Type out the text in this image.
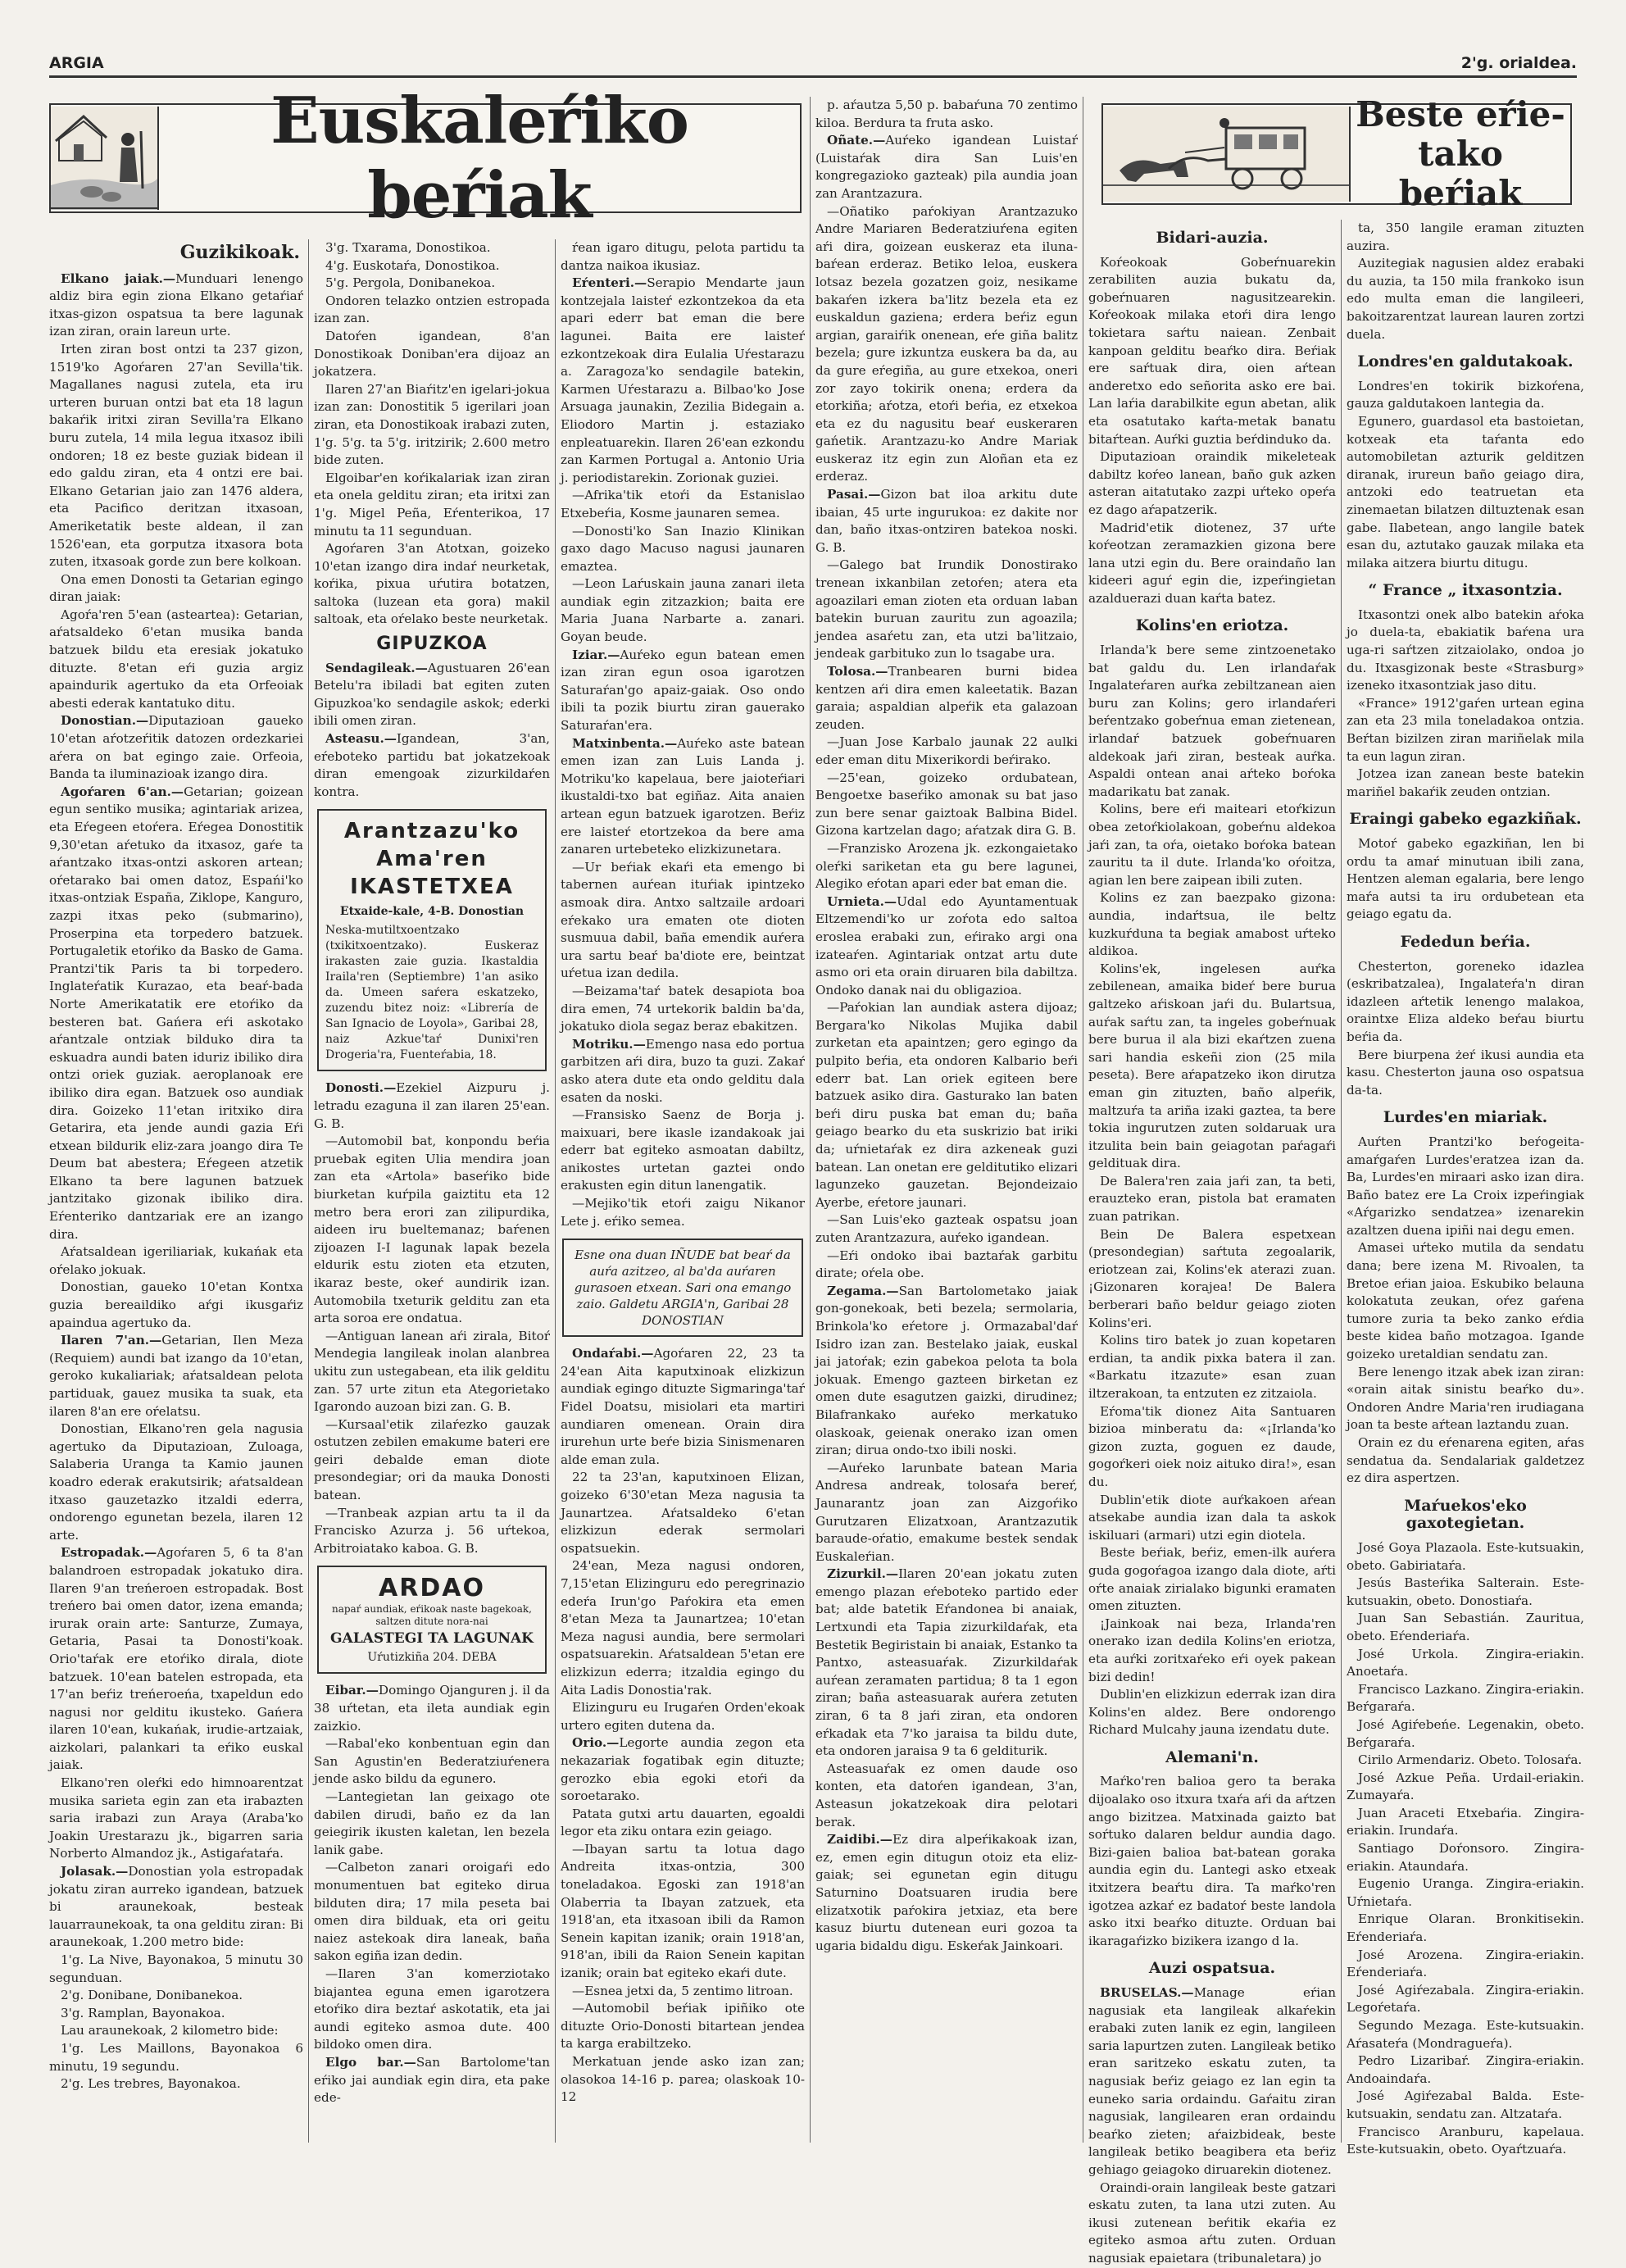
ARGIA	2'g. orialdea.
Euskaleŕiko beŕiak
Beste eŕie-tako beŕiak
Guzikikoak.

Elkano jaiak.—Munduari lenengo aldiz bira egin ziona Elkano getaŕiaŕ itxas-gizon ospatsua ta bere lagunak izan ziran, orain lareun urte.

Irten ziran bost ontzi ta 237 gizon, 1519'ko Agoŕaren 27'an Sevilla'tik. Magallanes nagusi zutela, eta iru urteren buruan ontzi bat eta 18 lagun bakaŕik iritxi ziran Sevilla'ra Elkano buru zutela, 14 mila legua itxasoz ibili ondoren; 18 ez beste guziak bidean il edo galdu ziran, eta 4 ontzi ere bai. Elkano Getarian jaio zan 1476 aldera, eta Pacifico deritzan itxasoan, Ameriketatik beste aldean, il zan 1526'ean, eta gorputza itxasora bota zuten, itxasoak gorde zun bere kolkoan.

Ona emen Donosti ta Getarian egingo diran jaiak:

Agoŕa'ren 5'ean (asteartea): Getarian, aŕatsaldeko 6'etan musika banda batzuek bildu eta eresiak jokatuko dituzte. 8'etan eŕi guzia argiz apaindurik agertuko da eta Orfeoiak abesti ederak kantatuko ditu.

Donostian.—Diputazioan gaueko 10'etan aŕotzeŕitik datozen ordezkariei aŕera on bat egingo zaie. Orfeoia, Banda ta iluminazioak izango dira.

Agoŕaren 6'an.—Getarian; goizean egun sentiko musika; agintariak arizea, eta Eŕegeen etoŕera. Eŕegea Donostitik 9,30'etan aŕetuko da itxasoz, gaŕe ta aŕantzako itxas-ontzi askoren artean; oŕetarako bai omen datoz, Espańi'ko itxas-ontziak España, Ziklope, Kanguro, zazpi itxas peko (submarino), Proserpina eta torpedero batzuek. Portugaletik etoŕiko da Basko de Gama. Prantzi'tik Paris ta bi torpedero. Inglateŕatik Kurazao, eta beaŕ-bada Norte Amerikatatik ere etoŕiko da besteren bat. Gańera eŕi askotako aŕantzale ontziak bilduko dira ta eskuadra aundi baten iduriz ibiliko dira ontzi oriek guziak. aeroplanoak ere ibiliko dira egan. Batzuek oso aundiak dira. Goizeko 11'etan iritxiko dira Getarira, eta jende aundi gazia Eŕi etxean bildurik eliz-zara joango dira Te Deum bat abestera; Eŕegeen atzetik Elkano ta bere lagunen batzuek jantzitako gizonak ibiliko dira. Eŕenteriko dantzariak ere an izango dira.

Aŕatsaldean igeriliariak, kukańak eta oŕelako jokuak.

Donostian, gaueko 10'etan Kontxa guzia bereaildiko aŕgi ikusgaŕiz apaindua agertuko da.

Ilaren 7'an.—Getarian, Ilen Meza (Requiem) aundi bat izango da 10'etan, geroko kukaliariak; aŕatsaldean pelota partiduak, gauez musika ta suak, eta ilaren 8'an ere oŕelatsu.

Donostian, Elkano'ren gela nagusia agertuko da Diputazioan, Zuloaga, Salaberia Uranga ta Kamio jaunen koadro ederak erakutsirik; aŕatsaldean itxaso gauzetazko itzaldi ederra, ondorengo egunetan bezela, ilaren 12 arte.

Estropadak.—Agoŕaren 5, 6 ta 8'an balandroen estropadak jokatuko dira. Ilaren 9'an treńeroen estropadak. Bost treńero bai omen dator, izena emanda; irurak orain arte: Santurze, Zumaya, Getaria, Pasai ta Donosti'koak. Orio'taŕak ere etoŕiko dirala, diote batzuek. 10'ean batelen estropada, eta 17'an beŕiz treńeroeńa, txapeldun edo nagusi nor gelditu ikusteko. Gańera ilaren 10'ean, kukańak, irudie-artzaiak, aizkolari, palankari ta eŕiko euskal jaiak.

Elkano'ren oleŕki edo himnoarentzat musika sarieta egin zan eta irabazten saria irabazi zun Araya (Araba'ko Joakin Urestarazu jk., bigarren saria Norberto Almandoz jk., Astigaŕataŕa.

Jolasak.—Donostian yola estropadak jokatu ziran aurreko igandean, batzuek bi araunekoak, besteak lauarraunekoak, ta ona gelditu ziran: Bi araunekoak, 1.200 metro bide:

1'g. La Nive, Bayonakoa, 5 minutu 30 segunduan.

2'g. Donibane, Donibanekoa.

3'g. Ramplan, Bayonakoa.

Lau araunekoak, 2 kilometro bide:

1'g. Les Maillons, Bayonakoa 6 minutu, 19 segundu.

2'g. Les trebres, Bayonakoa.

3'g. Txarama, Donostikoa.

4'g. Euskotaŕa, Donostikoa.

5'g. Pergola, Donibanekoa.

Ondoren telazko ontzien estropada izan zan.

Datoŕen igandean, 8'an Donostikoak Doniban'era dijoaz an jokatzera.

Ilaren 27'an Biaŕitz'en igelari-jokua izan zan: Donostitik 5 igerilari joan ziran, eta Donostikoak irabazi zuten, 1'g. 5'g. ta 5'g. iritzirik; 2.600 metro bide zuten.

Elgoibar'en koŕikalariak izan ziran eta onela gelditu ziran; eta iritxi zan 1'g. Migel Peña, Eŕenterikoa, 17 minutu ta 11 segunduan.

Agoŕaren 3'an Atotxan, goizeko 10'etan izango dira indaŕ neurketak, koŕika, pixua uŕutira botatzen, saltoka (luzean eta gora) makil saltoak, eta oŕelako beste neurketak.

GIPUZKOA

Sendagileak.—Agustuaren 26'ean Betelu'ra ibiladi bat egiten zuten Gipuzkoa'ko sendagile askok; ederki ibili omen ziran.

Asteasu.—Igandean, 3'an, eŕeboteko partidu bat jokatzekoak diran emengoak zizurkildaŕen kontra.

Arantzazu'ko Ama'ren IKASTETXEA
Etxaide-kale, 4-B. Donostian
Neska-mutiltxoentzako (txikitxoentzako). Euskeraz irakasten zaie guzia. Ikastaldia Iraila'ren (Septiembre) 1'an asiko da. Umeen saŕera eskatzeko, zuzendu bitez noiz: «Librería de San Ignacio de Loyola», Garibai 28, naiz Azkue'taŕ Dunixi'ren Drogeria'ra, Fuenteŕabia, 18.

Donosti.—Ezekiel Aizpuru j. letradu ezaguna il zan ilaren 25'ean. G. B.

—Automobil bat, konpondu beŕia pruebak egiten Ulia mendira joan zan eta «Artola» baseŕiko bide biurketan kuŕpila gaiztitu eta 12 metro bera erori zan zilipurdika, aideen iru bueltemanaz; baŕenen zijoazen I-I lagunak lapak bezela eldurik estu zioten eta etzuten, ikaraz beste, okeŕ aundirik izan. Automobila txeturik gelditu zan eta arta soroa ere ondatua.

—Antiguan lanean aŕi zirala, Bitoŕ Mendegia langileak inolan alanbrea ukitu zun ustegabean, eta ilik gelditu zan. 57 urte zitun eta Ategorietako Igarondo auzoan bizi zan. G. B.

—Kursaal'etik zilaŕezko gauzak ostutzen zebilen emakume bateri ere geiri debalde eman diote presondegiar; ori da mauka Donosti batean.

—Tranbeak azpian artu ta il da Francisko Azurza j. 56 uŕtekoa, Arbitroiatako kaboa. G. B.

ARDAO
napaŕ aundiak, eŕikoak naste bagekoak, saltzen ditute nora-nai
GALASTEGI TA LAGUNAK
Uŕutizkiña 204. DEBA

Eibar.—Domingo Ojanguren j. il da 38 uŕtetan, eta ileta aundiak egin zaizkio.

—Rabal'eko konbentuan egin dan San Agustin'en Bederatziuŕenera jende asko bildu da egunero.

—Lantegietan lan geixago ote dabilen dirudi, baño ez da lan geiegirik ikusten kaletan, len bezela lanik gabe.

—Calbeton zanari oroigaŕi edo monumentuen bat egiteko dirua bilduten dira; 17 mila peseta bai omen dira bilduak, eta ori geitu naiez astekoak dira laneak, baña sakon egiña izan dedin.

—Ilaren 3'an komerziotako biajantea eguna emen igarotzera etoŕiko dira beztaŕ askotatik, eta jai aundi egiteko asmoa dute. 400 bildoko omen dira.

Elgo bar.—San Bartolome'tan eŕiko jai aundiak egin dira, eta pake ede-

ŕean igaro ditugu, pelota partidu ta dantza naikoa ikusiaz.

Eŕenteri.—Serapio Mendarte jaun kontzejala laisteŕ ezkontzekoa da eta apari ederr bat eman die bere lagunei. Baita ere laisteŕ ezkontzekoak dira Eulalia Uŕestarazu a. Zaragoza'ko sendagile batekin, Karmen Uŕestarazu a. Bilbao'ko Jose Arsuaga jaunakin, Zezilia Bidegain a. Eliodoro Martin j. estaziako enpleatuarekin. Ilaren 26'ean ezkondu zan Karmen Portugal a. Antonio Uria j. periodistarekin. Zorionak guziei.

—Afrika'tik etoŕi da Estanislao Etxebeŕia, Kosme jaunaren semea.

—Donosti'ko San Inazio Klinikan gaxo dago Macuso nagusi jaunaren emaztea.

—Leon Laŕuskain jauna zanari ileta aundiak egin zitzazkion; baita ere Maria Juana Narbarte a. zanari. Goyan beude.

Iziar.—Auŕeko egun batean emen izan ziran egun osoa igarotzen Saturaŕan'go apaiz-gaiak. Oso ondo ibili ta pozik biurtu ziran gauerako Saturaŕan'era.

Matxinbenta.—Auŕeko aste batean emen izan zan Luis Landa j. Motriku'ko kapelaua, bere jaioteŕiari ikustaldi-txo bat egiñaz. Aita anaien artean egun batzuek igarotzen. Beŕiz ere laisteŕ etortzekoa da bere ama zanaren urtebeteko elizkizunetara.

—Ur beŕiak ekaŕi eta emengo bi tabernen auŕean ituŕiak ipintzeko asmoak dira. Antxo saltzaile ardoari eŕekako ura ematen ote dioten susmuua dabil, baña emendik auŕera ura sartu beaŕ ba'diote ere, beintzat uŕetua izan dedila.

—Beizama'taŕ batek desapiota boa dira emen, 74 urtekorik baldin ba'da, jokatuko diola segaz beraz ebakitzen.

Motriku.—Emengo nasa edo portua garbitzen aŕi dira, buzo ta guzi. Zakaŕ asko atera dute eta ondo gelditu dala esaten da noski.

—Fransisko Saenz de Borja j. maixuari, bere ikasle izandakoak jai ederr bat egiteko asmoatan dabiltz, anikostes urtetan gaztei ondo erakusten egin ditun lanengatik.

—Mejiko'tik etoŕi zaigu Nikanor Lete j. eŕiko semea.

Esne ona duan IÑUDE bat beaŕ da auŕa azitzeo, al ba'da auŕaren gurasoen etxean. Sari ona emango zaio. Galdetu ARGIA'n, Garibai 28 DONOSTIAN

Ondaŕabi.—Agoŕaren 22, 23 ta 24'ean Aita kaputxinoak elizkizun aundiak egingo dituzte Sigmaringa'taŕ Fidel Doatsu, misiolari eta martiri aundiaren omenean. Orain dira irurehun urte beŕe bizia Sinismenaren alde eman zula.

22 ta 23'an, kaputxinoen Elizan, goizeko 6'30'etan Meza nagusia ta Jaunartzea. Aŕatsaldeko 6'etan elizkizun ederak sermolari ospatsuekin.

24'ean, Meza nagusi ondoren, 7,15'etan Elizinguru edo peregrinazio edeŕa Irun'go Paŕokira eta emen 8'etan Meza ta Jaunartzea; 10'etan Meza nagusi aundia, bere sermolari ospatsuarekin. Aŕatsaldean 5'etan ere elizkizun ederra; itzaldia egingo du Aita Ladis Donostia'rak.

Elizinguru eu Irugaŕen Orden'ekoak urtero egiten dutena da.

Orio.—Legorte aundia zegon eta nekazariak fogatibak egin dituzte; gerozko ebia egoki etoŕi da soroetarako.

Patata gutxi artu dauarten, egoaldi legor eta ziku ontara ezin geiago.

—Ibayan sartu ta lotua dago Andreita itxas-ontzia, 300 toneladakoa. Egoski zan 1918'an Olaberria ta Ibayan zatzuek, eta 1918'an, eta itxasoan ibili da Ramon Senein kapitan izanik; orain 1918'an, 918'an, ibili da Raion Senein kapitan izanik; orain bat egiteko ekaŕi dute.

—Esnea jetxi da, 5 zentimo litroan.

—Automobil beŕiak ipiñiko ote dituzte Orio-Donosti bitartean jendea ta karga erabiltzeko.

Merkatuan jende asko izan zan; olasokoa 14-16 p. parea; olaskoak 10-12

p. aŕautza 5,50 p. babaŕuna 70 zentimo kiloa. Berdura ta fruta asko.

Oñate.—Auŕeko igandean Luistaŕ (Luistaŕak dira San Luis'en kongregazioko gazteak) pila aundia joan zan Arantzazura.

—Oñatiko paŕokiyan Arantzazuko Andre Mariaren Bederatziuŕena egiten aŕi dira, goizean euskeraz eta iluna-baŕean erderaz. Betiko leloa, euskera lotsaz bezela gozatzen goiz, nesikame bakaŕen izkera ba'litz bezela eta ez euskaldun gaziena; erdera beŕiz egun argian, garaiŕik onenean, eŕe giña balitz bezela; gure izkuntza euskera ba da, au da gure eŕegiña, au gure etxekoa, oneri zor zayo tokirik onena; erdera da etorkiña; aŕotza, etoŕi beŕia, ez etxekoa eta ez du nagusitu beaŕ euskeraren gańetik. Arantzazu-ko Andre Mariak euskeraz itz egin zun Aloñan eta ez erderaz.

Pasai.—Gizon bat iloa arkitu dute ibaian, 45 urte ingurukoa: ez dakite nor dan, baño itxas-ontziren batekoa noski. G. B.

—Galego bat Irundik Donostirako trenean ixkanbilan zetoŕen; atera eta agoazilari eman zioten eta orduan laban batekin buruan zauritu zun agoazila; jendea asaŕetu zan, eta utzi ba'litzaio, jendeak garbituko zun lo tsagabe ura.

Tolosa.—Tranbearen burni bidea kentzen aŕi dira emen kaleetatik. Bazan garaia; aspaldian alpeŕik eta galazoan zeuden.

—Juan Jose Karbalo jaunak 22 aulki eder eman ditu Mixerikordi beŕirako.

—25'ean, goizeko ordubatean, Bengoetxe baseŕiko amonak su bat jaso zun bere senar gaiztoak Balbina Bidel. Gizona kartzelan dago; aŕatzak dira G. B.

—Franzisko Arozena jk. ezkongaietako oleŕki sariketan eta gu bere lagunei, Alegiko eŕotan apari eder bat eman die.

Urnieta.—Udal edo Ayuntamentuak Eltzemendi'ko ur zoŕota edo saltoa eroslea erabaki zun, eŕirako argi ona izateaŕen. Agintariak ontzat artu dute asmo ori eta orain diruaren bila dabiltza. Ondoko danak nai du obligazioa.

—Paŕokian lan aundiak astera dijoaz; Bergara'ko Nikolas Mujika dabil zurketan eta apaintzen; gero egingo da pulpito beŕia, eta ondoren Kalbario beŕi ederr bat. Lan oriek egiteen bere batzuek asiko dira. Gasturako lan baten beŕi diru puska bat eman du; baña geiago bearko du eta suskrizio bat iriki da; uŕnietaŕak ez dira azkeneak guzi batean. Lan onetan ere gelditutiko elizari lagunzeko gauzetan. Bejondeizaio Ayerbe, eŕetore jaunari.

—San Luis'eko gazteak ospatsu joan zuten Arantzazura, auŕeko igandean.

—Eŕi ondoko ibai baztaŕak garbitu dirate; oŕela obe.

Zegama.—San Bartolometako jaiak gon-gonekoak, beti bezela; sermolaria, Brinkola'ko eŕetore j. Ormazabal'daŕ Isidro izan zan. Bestelako jaiak, euskal jai jatoŕak; ezin gabekoa pelota ta bola jokuak. Emengo gazteen birketan ez omen dute esagutzen gaizki, dirudinez; Bilafrankako auŕeko merkatuko olaskoak, geienak onerako izan omen ziran; dirua ondo-txo ibili noski.

—Auŕeko larunbate batean Maria Andresa andreak, tolosaŕa bereŕ, Jaunarantz joan zan Aizgoŕiko Gurutzaren Elizatxoan, Arantzazutik baraude-oŕatio, emakume bestek sendak Euskaleŕian.

Zizurkil.—Ilaren 20'ean jokatu zuten emengo plazan eŕeboteko partido eder bat; alde batetik Eŕandonea bi anaiak, Lertxundi eta Tapia zizurkildaŕak, eta Bestetik Begiristain bi anaiak, Estanko ta Pantxo, asteasuaŕak. Zizurkildaŕak auŕean zeramaten partidua; 8 ta 1 egon ziran; baña asteasuarak auŕera zetuten ziran, 6 ta 8 jaŕi ziran, eta ondoren eŕkadak eta 7'ko jaraisa ta bildu dute, eta ondoren jaraisa 9 ta 6 gelditurik.

Asteasuaŕak ez omen daude oso konten, eta datoŕen igandean, 3'an, Asteasun jokatzekoak dira pelotari berak.

Zaidibi.—Ez dira alpeŕikakoak izan, ez, emen egin ditugun otoiz eta eliz-gaiak; sei egunetan egin ditugu Saturnino Doatsuaren irudia bere elizatxotik paŕokira jetxiaz, eta bere kasuz biurtu dutenean euri gozoa ta ugaria bidaldu digu. Eskeŕak Jainkoari.

Bidari-auzia.

Koŕeokoak Gobeŕnuarekin zerabiliten auzia bukatu da, gobeŕnuaren nagusitzearekin. Koŕeokoak milaka etoŕi dira lengo tokietara saŕtu naiean. Zenbait kanpoan gelditu beaŕko dira. Beŕiak ere saŕtuak dira, oien aŕtean anderetxo edo señorita asko ere bai. Lan laŕia darabilkite egun abetan, alik eta osatutako kaŕta-metak banatu bitaŕtean. Auŕki guztia beŕdinduko da.

Diputazioan oraindik mikeleteak dabiltz koŕeo lanean, baño guk azken asteran aitatutako zazpi uŕteko opeŕa ez dago aŕapatzerik.

Madrid'etik diotenez, 37 uŕte koŕeotzan zeramazkien gizona bere lana utzi egin du. Bere oraindaño lan kideeri aguŕ egin die, izpeŕingietan azalduerazi duan kaŕta batez.

Kolins'en eriotza.

Irlanda'k bere seme zintzoenetako bat galdu du. Len irlandaŕak Ingalateŕaren auŕka zebiltzanean aien buru zan Kolins; gero irlandaŕeri beŕentzako gobeŕnua eman zietenean, irlandaŕ batzuek gobeŕnuaren aldekoak jaŕi ziran, besteak auŕka. Aspaldi ontean anai aŕteko boŕoka madarikatu bat zanak.

Kolins, bere eŕi maiteari etoŕkizun obea zetoŕkiolakoan, gobeŕnu aldekoa jaŕi zan, ta oŕa, oietako boŕoka batean zauritu ta il dute. Irlanda'ko oŕoitza, agian len bere zaipean ibili zuten.

Kolins ez zan baezpako gizona: aundia, indaŕtsua, ile beltz kuzkuŕduna ta begiak amabost uŕteko aldikoa.

Kolins'ek, ingelesen auŕka zebilenean, amaika bideŕ bere burua galtzeko aŕiskoan jaŕi du. Bulartsua, auŕak saŕtu zan, ta ingeles gobeŕnuak bere burua il ala bizi ekaŕtzen zuena sari handia eskeñi zion (25 mila peseta). Bere aŕapatzeko ikon dirutza eman gin zituzten, baño alpeŕik, maltzuŕa ta ariña izaki gaztea, ta bere tokia ingurutzen zuten soldaruak ura itzulita bein bain geiagotan paŕagaŕi geldituak dira.

De Balera'ren zaia jaŕi zan, ta beti, erauzteko eran, pistola bat eramaten zuan patrikan.

Bein De Balera espetxean (presondegian) saŕtuta zegoalarik, eriotzean zai, Kolins'ek aterazi zuan. ¡Gizonaren korajea! De Balera berberari baño beldur geiago zioten Kolins'eri.

Kolins tiro batek jo zuan kopetaren erdian, ta andik pixka batera il zan. «Barkatu itzazute» esan zuan iltzerakoan, ta entzuten ez zitzaiola.

Eŕoma'tik dionez Aita Santuaren bizioa minberatu da: «¡Irlanda'ko gizon zuzta, goguen ez daude, gogoŕkeri oiek noiz aituko dira!», esan du.

Dublin'etik diote auŕkakoen aŕean atsekabe aundia izan dala ta askok iskiluari (armari) utzi egin diotela.

Beste beŕiak, beŕiz, emen-ilk auŕera guda gogoŕagoa izango dala diote, aŕti oŕte anaiak zirialako bigunki eramaten omen zituzten.

¡Jainkoak nai beza, Irlanda'ren onerako izan dedila Kolins'en eriotza, eta auŕki zoritxaŕeko eŕi oyek pakean bizi dedin!

Dublin'en elizkizun ederrak izan dira Kolins'en aldez. Bere ondorengo Richard Mulcahy jauna izendatu dute.

Alemani'n.

Maŕko'ren balioa gero ta beraka dijoalako oso itxura txaŕa aŕi da aŕtzen ango bizitzea. Matxinada gaizto bat soŕtuko dalaren beldur aundia dago. Bizi-gaien balioa bat-batean goraka aundia egin du. Lantegi asko etxeak itxitzera beaŕtu dira. Ta maŕko'ren igotzea azkaŕ ez badatoŕ beste landola asko itxi beaŕko dituzte. Orduan bai ikaragaŕizko bizikera izango d la.

Auzi ospatsua.

BRUSELAS.—Manage eŕian nagusiak eta langileak alkaŕekin erabaki zuten lanik ez egin, langileen saria lapurtzen zuten. Langileak betiko eran saritzeko eskatu zuten, ta nagusiak beŕiz geiago ez lan egin ta euneko saria ordaindu. Gaŕaitu ziran nagusiak, langilearen eran ordaindu beaŕko zieten; aŕaizbideak, beste langileak betiko beagibera eta beŕiz gehiago geiagoko diruarekin diotenez.

Oraindi-orain langileak beste gatzari eskatu zuten, ta lana utzi zuten. Au ikusi zutenean beŕitik ekaŕia ez egiteko asmoa aŕtu zuten. Orduan nagusiak epaietara (tribunaletara) jo

ta, 350 langile eraman zituzten auzira.

Auzitegiak nagusien aldez erabaki du auzia, ta 150 mila frankoko isun edo multa eman die langileeri, bakoitzarentzat laurean lauren zortzi duela.

Londres'en galdutakoak.

Londres'en tokirik bizkoŕena, gauza galdutakoen lantegia da.

Egunero, guardasol eta bastoietan, kotxeak eta taŕanta edo automobiletan azturik gelditzen diranak, irureun baño geiago dira, antzoki edo teatruetan eta zinemaetan bilatzen diltuztenak esan gabe. Ilabetean, ango langile batek esan du, aztutako gauzak milaka eta milaka aitzera biurtu ditugu.

“ France „ itxasontzia.

Itxasontzi onek albo batekin aŕoka jo duela-ta, ebakiatik baŕena ura uga-ri saŕtzen zitzaiolako, ondoa jo du. Itxasgizonak beste «Strasburg» izeneko itxasontziak jaso ditu.

«France» 1912'gaŕen urtean egina zan eta 23 mila toneladakoa ontzia. Beŕtan bizilzen ziran mariñelak mila ta eun lagun ziran.

Jotzea izan zanean beste batekin mariñel bakaŕik zeuden ontzian.

Eraingi gabeko egazkiñak.

Motoŕ gabeko egazkiñan, len bi ordu ta amaŕ minutuan ibili zana, Hentzen aleman egalaria, bere lengo maŕa autsi ta iru ordubetean eta geiago egatu da.

Fededun beŕia.

Chesterton, goreneko idazlea (eskribatzalea), Ingalateŕa'n diran idazleen aŕtetik lenengo malakoa, oraintxe Eliza aldeko beŕau biurtu beŕia da.

Bere biurpena żeŕ ikusi aundia eta kasu. Chesterton jauna oso ospatsua da-ta.

Lurdes'en miariak.

Auŕten Prantzi'ko beŕogeita-amaŕgaŕen Lurdes'eratzea izan da. Ba, Lurdes'en miraari asko izan dira. Baño batez ere La Croix izpeŕingiak «Aŕgarizko sendatzea» izenarekin azaltzen duena ipiñi nai degu emen.

Amasei uŕteko mutila da sendatu dana; bere izena M. Rivoalen, ta Bretoe eŕian jaioa. Eskubiko belauna kolokatuta zeukan, oŕez gaŕena tumore zuria ta beko zanko eŕdia beste kidea baño motzagoa. Igande goizeko uretaldian sendatu zan.

Bere lenengo itzak abek izan ziran: «orain aitak sinistu beaŕko du». Ondoren Andre Maria'ren irudiagana joan ta beste aŕtean laztandu zuan.

Orain ez du eŕenarena egiten, aŕas sendatua da. Sendalariak galdetzez ez dira aspertzen.

Maŕuekos'eko gaxotegietan.

José Goya Plazaola. Este-kutsuakin, obeto. Gabiriataŕa.

Jesús Basteŕika Salterain. Este-kutsuakin, obeto. Donostiaŕa.

Juan San Sebastián. Zauritua, obeto. Eŕenderiaŕa.

José Urkola. Zingira-eriakin. Anoetaŕa.

Francisco Lazkano. Zingira-eriakin. Beŕgaraŕa.

José Agiŕebeńe. Legenakin, obeto. Beŕgaraŕa.

Cirilo Armendariz. Obeto. Tolosaŕa.

José Azkue Peña. Urdail-eriakin. Zumayaŕa.

Juan Araceti Etxebaŕia. Zingira-eriakin. Irundaŕa.

Santiago Doŕonsoro. Zingira-eriakin. Ataundaŕa.

Eugenio Uranga. Zingira-eriakin. Uŕnietaŕa.

Enrique Olaran. Bronkitisekin. Eŕenderiaŕa.

José Arozena. Zingira-eriakin. Eŕenderiaŕa.

José Agiŕezabala. Zingira-eriakin. Legoŕetaŕa.

Segundo Mezaga. Este-kutsuakin. Aŕasateŕa (Mondragueŕa).

Pedro Lizaribaŕ. Zingira-eriakin. Andoaindaŕa.

José Agiŕezabal Balda. Este-kutsuakin, sendatu zan. Altzataŕa.

Francisco Aranburu, kapelaua. Este-kutsuakin, obeto. Oyaŕtzuaŕa.
